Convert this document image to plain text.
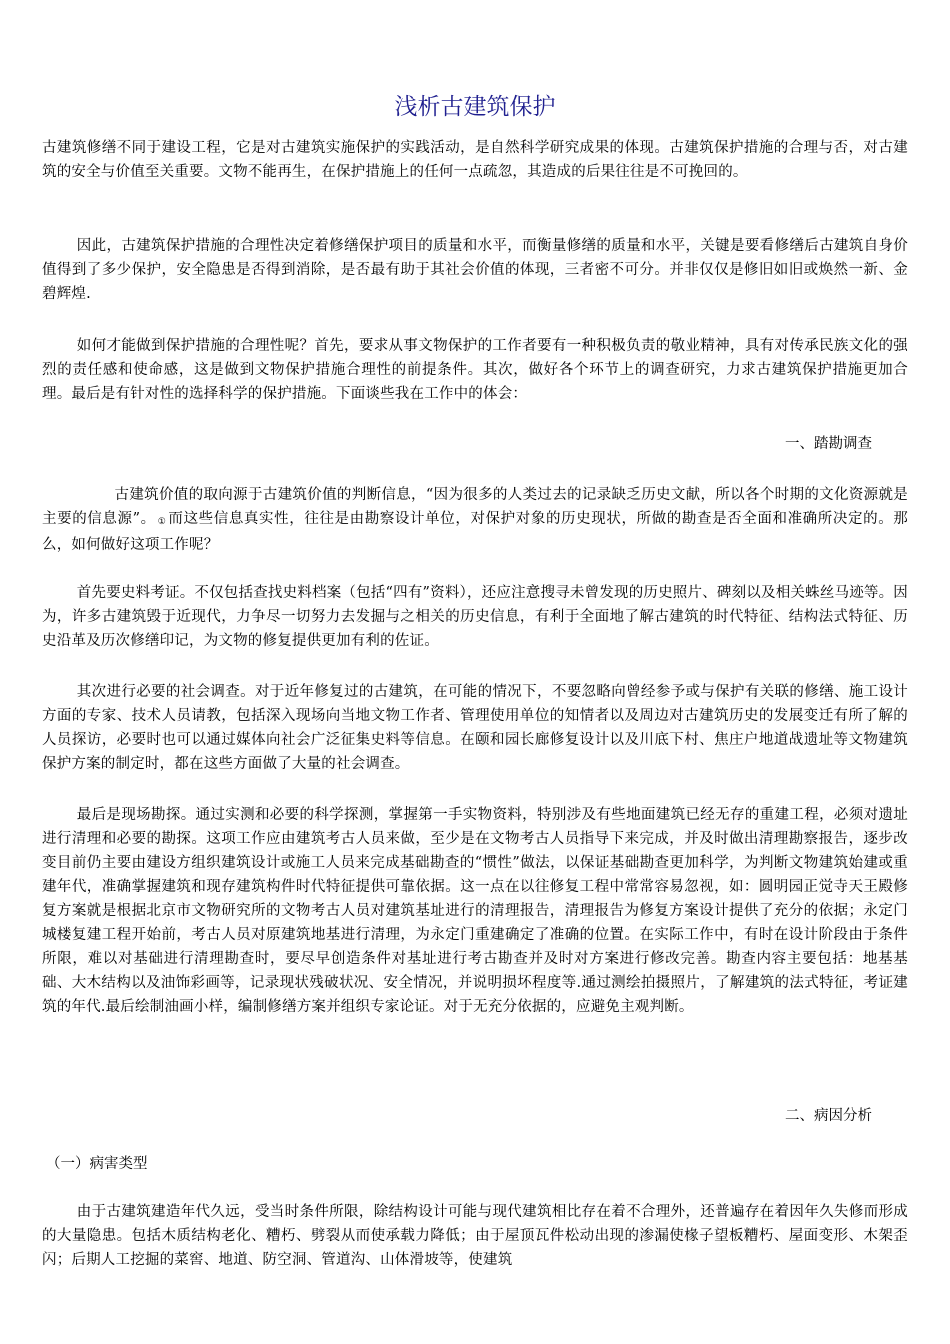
浅析古建筑保护

古建筑修缮不同于建设工程，它是对古建筑实施保护的实践活动，是自然科学研究成果的体现。古建筑保护措施的合理与否，对古建筑的安全与价值至关重要。文物不能再生，在保护措施上的任何一点疏忽，其造成的后果往往是不可挽回的。

因此，古建筑保护措施的合理性决定着修缮保护项目的质量和水平，而衡量修缮的质量和水平，关键是要看修缮后古建筑自身价值得到了多少保护，安全隐患是否得到消除，是否最有助于其社会价值的体现，三者密不可分。并非仅仅是修旧如旧或焕然一新、金碧辉煌.

如何才能做到保护措施的合理性呢？首先，要求从事文物保护的工作者要有一种积极负责的敬业精神，具有对传承民族文化的强烈的责任感和使命感，这是做到文物保护措施合理性的前提条件。其次，做好各个环节上的调查研究，力求古建筑保护措施更加合理。最后是有针对性的选择科学的保护措施。下面谈些我在工作中的体会：

一、踏勘调查

古建筑价值的取向源于古建筑价值的判断信息，“因为很多的人类过去的记录缺乏历史文献，所以各个时期的文化资源就是主要的信息源”。 ① 而这些信息真实性，往往是由勘察设计单位，对保护对象的历史现状，所做的勘查是否全面和准确所决定的。那么，如何做好这项工作呢？

首先要史料考证。不仅包括查找史料档案（包括“四有”资料），还应注意搜寻未曾发现的历史照片、碑刻以及相关蛛丝马迹等。因为，许多古建筑毁于近现代，力争尽一切努力去发掘与之相关的历史信息，有利于全面地了解古建筑的时代特征、结构法式特征、历史沿革及历次修缮印记，为文物的修复提供更加有利的佐证。

其次进行必要的社会调查。对于近年修复过的古建筑，在可能的情况下，不要忽略向曾经参予或与保护有关联的修缮、施工设计方面的专家、技术人员请教，包括深入现场向当地文物工作者、管理使用单位的知情者以及周边对古建筑历史的发展变迁有所了解的人员探访，必要时也可以通过媒体向社会广泛征集史料等信息。在颐和园长廊修复设计以及川底下村、焦庄户地道战遗址等文物建筑保护方案的制定时，都在这些方面做了大量的社会调查。

最后是现场勘探。通过实测和必要的科学探测，掌握第一手实物资料，特别涉及有些地面建筑已经无存的重建工程，必须对遗址进行清理和必要的勘探。这项工作应由建筑考古人员来做，至少是在文物考古人员指导下来完成，并及时做出清理勘察报告，逐步改变目前仍主要由建设方组织建筑设计或施工人员来完成基础勘查的“惯性”做法，以保证基础勘查更加科学，为判断文物建筑始建或重建年代，准确掌握建筑和现存建筑构件时代特征提供可靠依据。这一点在以往修复工程中常常容易忽视，如：圆明园正觉寺天王殿修复方案就是根据北京市文物研究所的文物考古人员对建筑基址进行的清理报告，清理报告为修复方案设计提供了充分的依据；永定门城楼复建工程开始前，考古人员对原建筑地基进行清理，为永定门重建确定了准确的位置。在实际工作中，有时在设计阶段由于条件所限，难以对基础进行清理勘查时，要尽早创造条件对基址进行考古勘查并及时对方案进行修改完善。勘查内容主要包括：地基基础、大木结构以及油饰彩画等，记录现状残破状况、安全情况，并说明损坏程度等.通过测绘拍摄照片，了解建筑的法式特征，考证建筑的年代.最后绘制油画小样，编制修缮方案并组织专家论证。对于无充分依据的，应避免主观判断。

二、病因分析

（一）病害类型

由于古建筑建造年代久远，受当时条件所限，除结构设计可能与现代建筑相比存在着不合理外，还普遍存在着因年久失修而形成的大量隐患。包括木质结构老化、糟朽、劈裂从而使承载力降低；由于屋顶瓦件松动出现的渗漏使椽子望板糟朽、屋面变形、木架歪闪；后期人工挖掘的菜窖、地道、防空洞、管道沟、山体滑坡等，使建筑
